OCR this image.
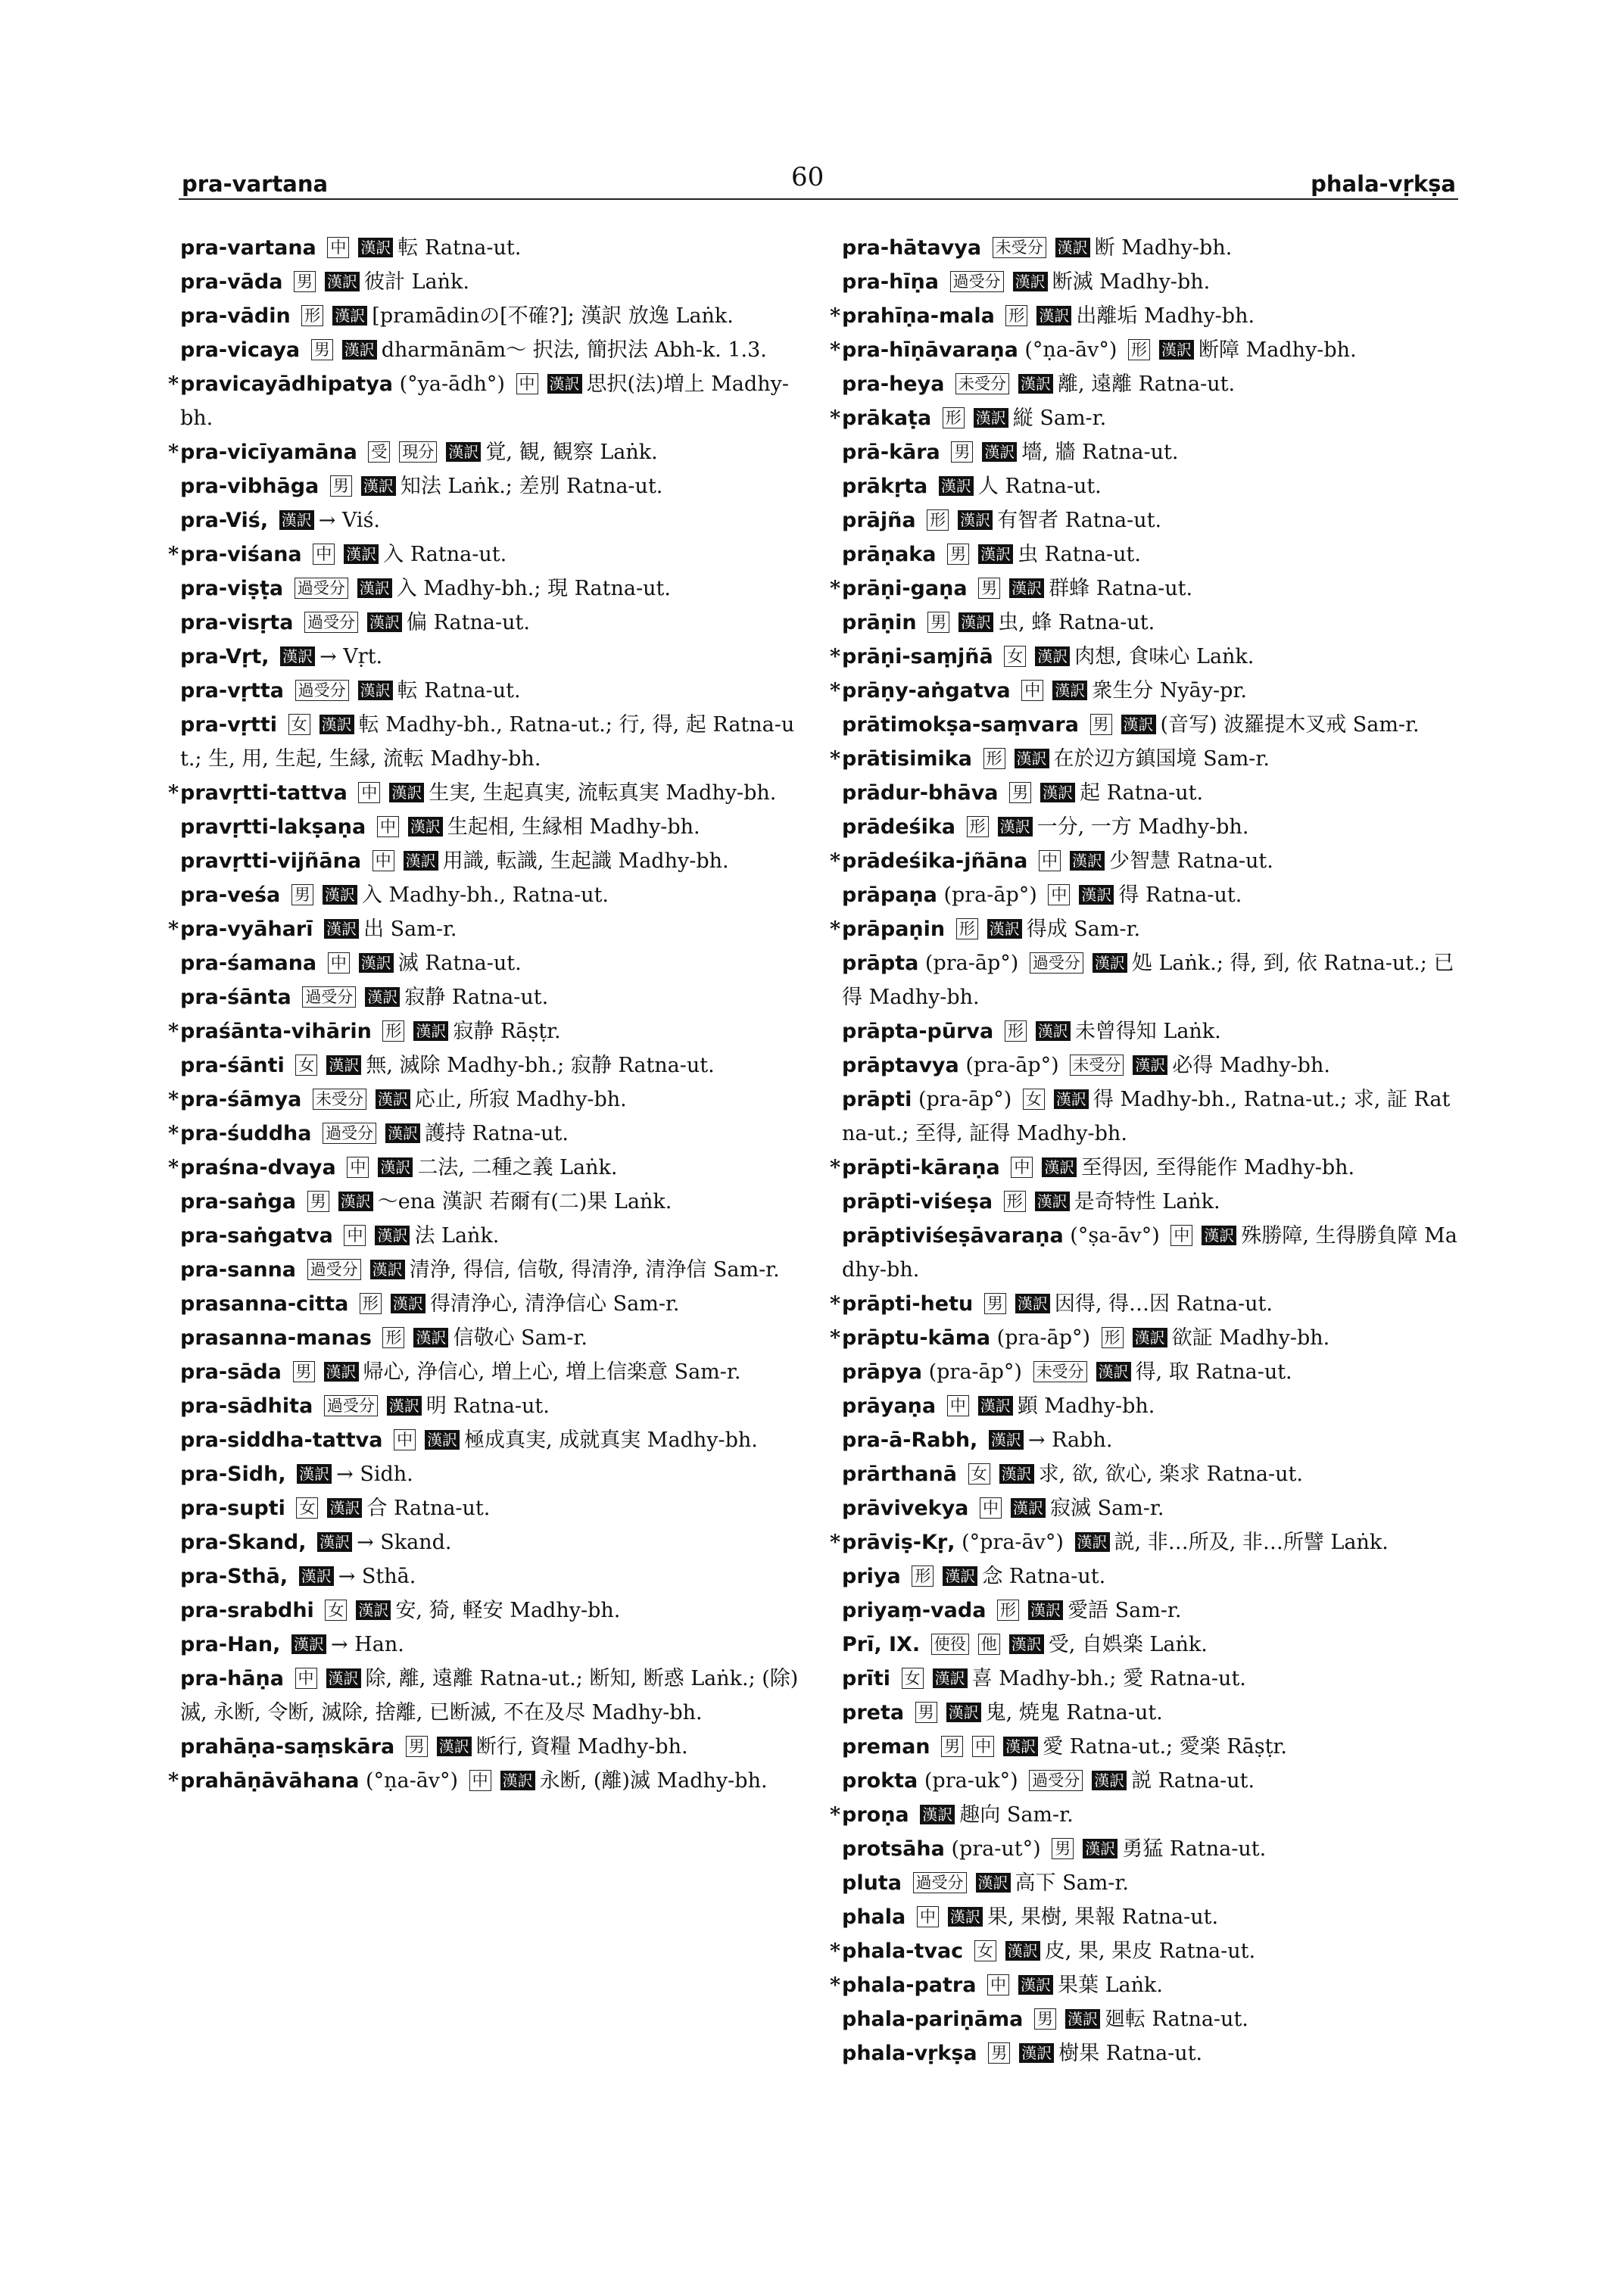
pra-vartana	60	phala-vṛkṣa
pra-vartana 中 漢訳 転 Ratna-ut.
pra-vāda 男 漢訳 彼計 Laṅk.
pra-vādin 形 漢訳 [pramādinの[不確?]; 漢訳 放逸 Laṅk.
pra-vicaya 男 漢訳 dharmānām～ 択法, 簡択法 Abh-k. 1.3.
* pravicayādhipatya (°ya-ādh°) 中 漢訳 思択(法)増上 Madhy-bh.
* pra-vicīyamāna 受 現分 漢訳 覚, 観, 観察 Laṅk.
pra-vibhāga 男 漢訳 知法 Laṅk.; 差別 Ratna-ut.
pra-Viś, 漢訳 → Viś.
* pra-viśana 中 漢訳 入 Ratna-ut.
pra-viṣṭa 過受分 漢訳 入 Madhy-bh.; 現 Ratna-ut.
pra-visṛta 過受分 漢訳 偏 Ratna-ut.
pra-Vṛt, 漢訳 → Vṛt.
pra-vṛtta 過受分 漢訳 転 Ratna-ut.
pra-vṛtti 女 漢訳 転 Madhy-bh., Ratna-ut.; 行, 得, 起 Ratna-ut.; 生, 用, 生起, 生縁, 流転 Madhy-bh.
* pravṛtti-tattva 中 漢訳 生実, 生起真実, 流転真実 Madhy-bh.
pravṛtti-lakṣaṇa 中 漢訳 生起相, 生縁相 Madhy-bh.
pravṛtti-vijñāna 中 漢訳 用識, 転識, 生起識 Madhy-bh.
pra-veśa 男 漢訳 入 Madhy-bh., Ratna-ut.
* pra-vyāharī 漢訳 出 Sam-r.
pra-śamana 中 漢訳 滅 Ratna-ut.
pra-śānta 過受分 漢訳 寂静 Ratna-ut.
* praśānta-vihārin 形 漢訳 寂静 Rāṣṭr.
pra-śānti 女 漢訳 無, 滅除 Madhy-bh.; 寂静 Ratna-ut.
* pra-śāmya 未受分 漢訳 応止, 所寂 Madhy-bh.
* pra-śuddha 過受分 漢訳 護持 Ratna-ut.
* praśna-dvaya 中 漢訳 二法, 二種之義 Laṅk.
pra-saṅga 男 漢訳 ～ena 漢訳 若爾有(二)果 Laṅk.
pra-saṅgatva 中 漢訳 法 Laṅk.
pra-sanna 過受分 漢訳 清浄, 得信, 信敬, 得清浄, 清浄信 Sam-r.
prasanna-citta 形 漢訳 得清浄心, 清浄信心 Sam-r.
prasanna-manas 形 漢訳 信敬心 Sam-r.
pra-sāda 男 漢訳 帰心, 浄信心, 増上心, 増上信楽意 Sam-r.
pra-sādhita 過受分 漢訳 明 Ratna-ut.
pra-siddha-tattva 中 漢訳 極成真実, 成就真実 Madhy-bh.
pra-Sidh, 漢訳 → Sidh.
pra-supti 女 漢訳 合 Ratna-ut.
pra-Skand, 漢訳 → Skand.
pra-Sthā, 漢訳 → Sthā.
pra-srabdhi 女 漢訳 安, 猗, 軽安 Madhy-bh.
pra-Han, 漢訳 → Han.
pra-hāṇa 中 漢訳 除, 離, 遠離 Ratna-ut.; 断知, 断惑 Laṅk.; (除)滅, 永断, 令断, 滅除, 捨離, 已断滅, 不在及尽 Madhy-bh.
prahāṇa-saṃskāra 男 漢訳 断行, 資糧 Madhy-bh.
* prahāṇāvāhana (°ṇa-āv°) 中 漢訳 永断, (離)滅 Madhy-bh.
pra-hātavya 未受分 漢訳 断 Madhy-bh.
pra-hīṇa 過受分 漢訳 断滅 Madhy-bh.
* prahīṇa-mala 形 漢訳 出離垢 Madhy-bh.
* pra-hīṇāvaraṇa (°ṇa-āv°) 形 漢訳 断障 Madhy-bh.
pra-heya 未受分 漢訳 離, 遠離 Ratna-ut.
* prākaṭa 形 漢訳 縦 Sam-r.
prā-kāra 男 漢訳 墻, 牆 Ratna-ut.
prākṛta 漢訳 人 Ratna-ut.
prājña 形 漢訳 有智者 Ratna-ut.
prāṇaka 男 漢訳 虫 Ratna-ut.
* prāṇi-gaṇa 男 漢訳 群蜂 Ratna-ut.
prāṇin 男 漢訳 虫, 蜂 Ratna-ut.
* prāṇi-saṃjñā 女 漢訳 肉想, 食味心 Laṅk.
* prāṇy-aṅgatva 中 漢訳 衆生分 Nyāy-pr.
prātimokṣa-saṃvara 男 漢訳 (音写) 波羅提木叉戒 Sam-r.
* prātisimika 形 漢訳 在於辺方鎮国境 Sam-r.
prādur-bhāva 男 漢訳 起 Ratna-ut.
prādeśika 形 漢訳 一分, 一方 Madhy-bh.
* prādeśika-jñāna 中 漢訳 少智慧 Ratna-ut.
prāpaṇa (pra-āp°) 中 漢訳 得 Ratna-ut.
* prāpaṇin 形 漢訳 得成 Sam-r.
prāpta (pra-āp°) 過受分 漢訳 処 Laṅk.; 得, 到, 依 Ratna-ut.; 已得 Madhy-bh.
prāpta-pūrva 形 漢訳 未曾得知 Laṅk.
prāptavya (pra-āp°) 未受分 漢訳 必得 Madhy-bh.
prāpti (pra-āp°) 女 漢訳 得 Madhy-bh., Ratna-ut.; 求, 証 Ratna-ut.; 至得, 証得 Madhy-bh.
* prāpti-kāraṇa 中 漢訳 至得因, 至得能作 Madhy-bh.
prāpti-viśeṣa 形 漢訳 是奇特性 Laṅk.
prāptiviśeṣāvaraṇa (°ṣa-āv°) 中 漢訳 殊勝障, 生得勝負障 Madhy-bh.
* prāpti-hetu 男 漢訳 因得, 得…因 Ratna-ut.
* prāptu-kāma (pra-āp°) 形 漢訳 欲証 Madhy-bh.
prāpya (pra-āp°) 未受分 漢訳 得, 取 Ratna-ut.
prāyaṇa 中 漢訳 顕 Madhy-bh.
pra-ā-Rabh, 漢訳 → Rabh.
prārthanā 女 漢訳 求, 欲, 欲心, 楽求 Ratna-ut.
prāvivekya 中 漢訳 寂滅 Sam-r.
* prāviṣ-Kṛ, (°pra-āv°) 漢訳 説, 非…所及, 非…所譬 Laṅk.
priya 形 漢訳 念 Ratna-ut.
priyaṃ-vada 形 漢訳 愛語 Sam-r.
Prī, IX. 使役 他 漢訳 受, 自娯楽 Laṅk.
prīti 女 漢訳 喜 Madhy-bh.; 愛 Ratna-ut.
preta 男 漢訳 鬼, 焼鬼 Ratna-ut.
preman 男 中 漢訳 愛 Ratna-ut.; 愛楽 Rāṣṭr.
prokta (pra-uk°) 過受分 漢訳 説 Ratna-ut.
* proṇa 漢訳 趣向 Sam-r.
protsāha (pra-ut°) 男 漢訳 勇猛 Ratna-ut.
pluta 過受分 漢訳 高下 Sam-r.
phala 中 漢訳 果, 果樹, 果報 Ratna-ut.
* phala-tvac 女 漢訳 皮, 果, 果皮 Ratna-ut.
* phala-patra 中 漢訳 果葉 Laṅk.
phala-pariṇāma 男 漢訳 廻転 Ratna-ut.
phala-vṛkṣa 男 漢訳 樹果 Ratna-ut.
